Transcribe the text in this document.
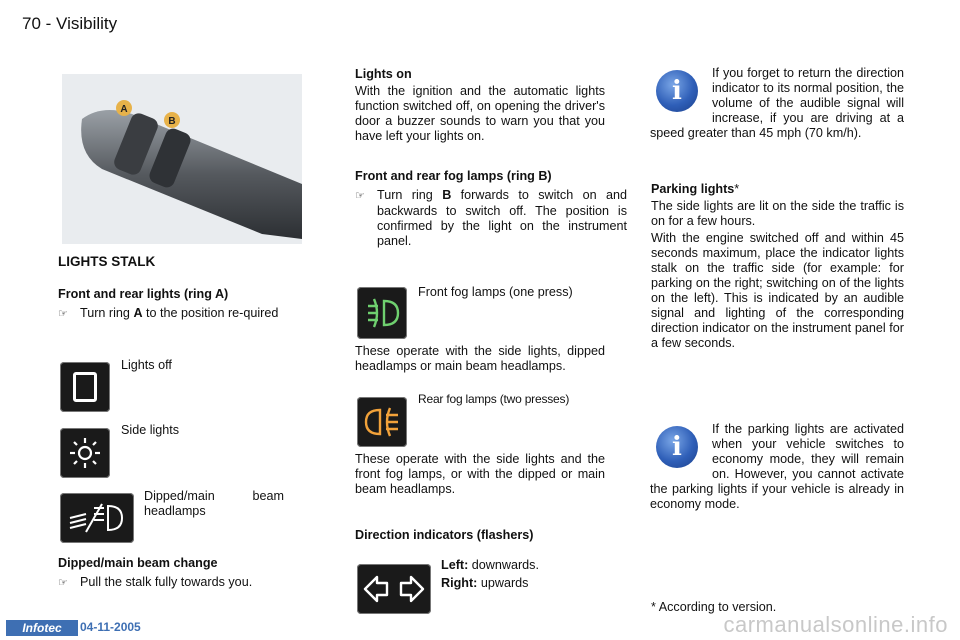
70 - Visibility
A
B
LIGHTS STALK
Front and rear lights (ring A)
☞ Turn ring A to the position re-quired
Lights off
Side lights
Dipped/main beam headlamps
Dipped/main beam change
☞ Pull the stalk fully towards you.
Lights on
With the ignition and the automatic lights function switched off, on opening the driver's door a buzzer sounds to warn you that you have left your lights on.
Front and rear fog lamps (ring B)
☞ Turn ring B forwards to switch on and backwards to switch off. The position is confirmed by the light on the instrument panel.
Front fog lamps (one press)
These operate with the side lights, dipped headlamps or main beam headlamps.
Rear fog lamps (two presses)
These operate with the side lights and the front fog lamps, or with the dipped or main beam headlamps.
Direction indicators (flashers)
Left: downwards.
Right: upwards
i
If you forget to return the direction indicator to its normal position, the volume of the audible signal will increase, if you are driving at a speed greater than 45 mph (70 km/h).
Parking lights*
The side lights are lit on the side the traffic is on for a few hours.
With the engine switched off and within 45 seconds maximum, place the indicator lights stalk on the traffic side (for example: for parking on the right; switching on of the lights on the left). This is indicated by an audible signal and lighting of the corresponding direction indicator on the instrument panel for a few seconds.
i
If the parking lights are activated when your vehicle switches to economy mode, they will remain on. However, you cannot activate the parking lights if your vehicle is already in economy mode.
* According to version.
Infotec	04-11-2005	carmanualsonline.info
